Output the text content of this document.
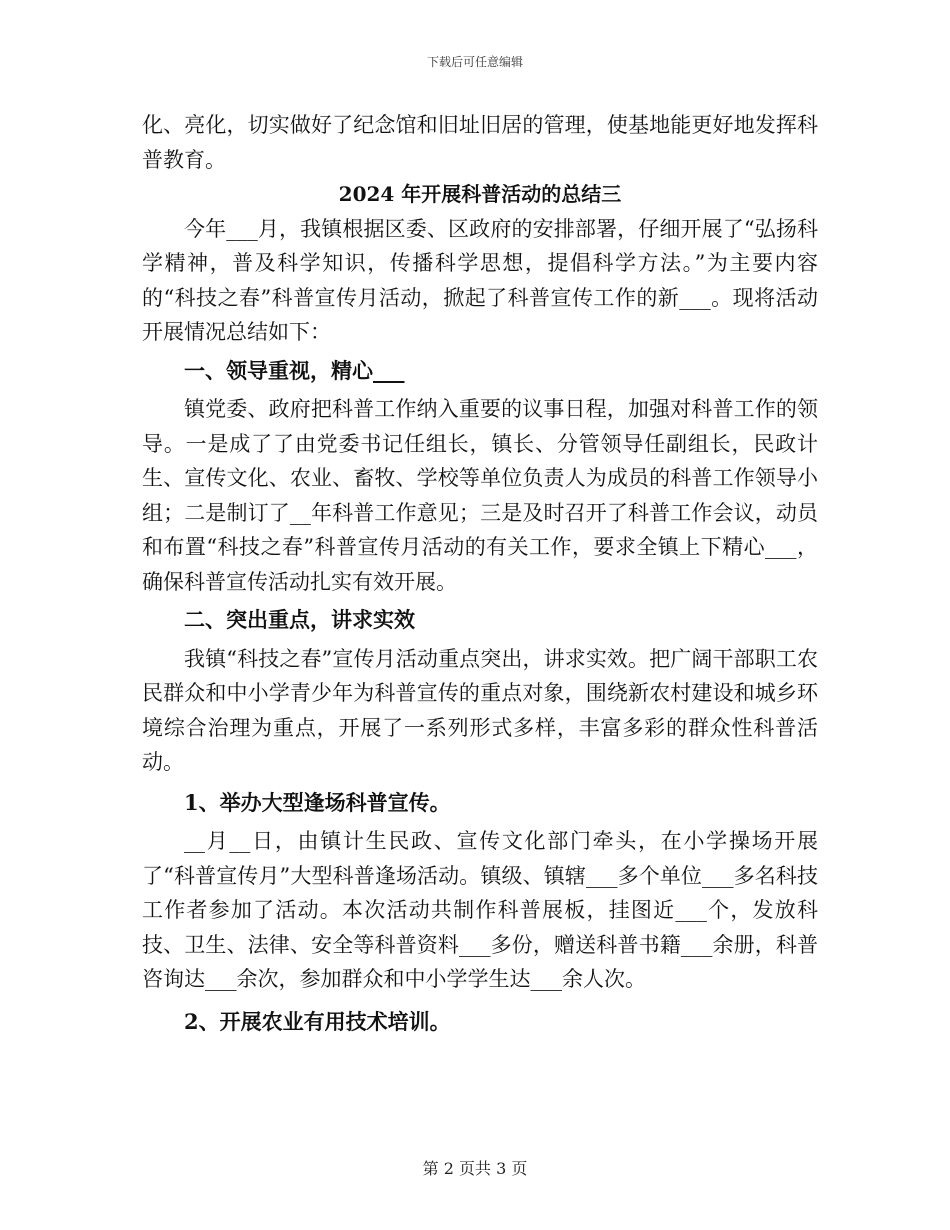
下载后可任意编辑

化、亮化，切实做好了纪念馆和旧址旧居的管理，使基地能更好地发挥科普教育。

2024 年开展科普活动的总结三

今年___月，我镇根据区委、区政府的安排部署，仔细开展了“弘扬科学精神，普及科学知识，传播科学思想，提倡科学方法。”为主要内容的“科技之春”科普宣传月活动，掀起了科普宣传工作的新___。现将活动开展情况总结如下：

一、领导重视，精心___

镇党委、政府把科普工作纳入重要的议事日程，加强对科普工作的领导。一是成了了由党委书记任组长，镇长、分管领导任副组长，民政计生、宣传文化、农业、畜牧、学校等单位负责人为成员的科普工作领导小组；二是制订了__年科普工作意见；三是及时召开了科普工作会议，动员和布置“科技之春”科普宣传月活动的有关工作，要求全镇上下精心___，确保科普宣传活动扎实有效开展。

二、突出重点，讲求实效

我镇“科技之春”宣传月活动重点突出，讲求实效。把广阔干部职工农民群众和中小学青少年为科普宣传的重点对象，围绕新农村建设和城乡环境综合治理为重点，开展了一系列形式多样，丰富多彩的群众性科普活动。

1、举办大型逢场科普宣传。

__月__日，由镇计生民政、宣传文化部门牵头，在小学操场开展了“科普宣传月”大型科普逢场活动。镇级、镇辖___多个单位___多名科技工作者参加了活动。本次活动共制作科普展板，挂图近___个，发放科技、卫生、法律、安全等科普资料___多份，赠送科普书籍___余册，科普咨询达___余次，参加群众和中小学学生达___余人次。

2、开展农业有用技术培训。

第 2 页共 3 页
